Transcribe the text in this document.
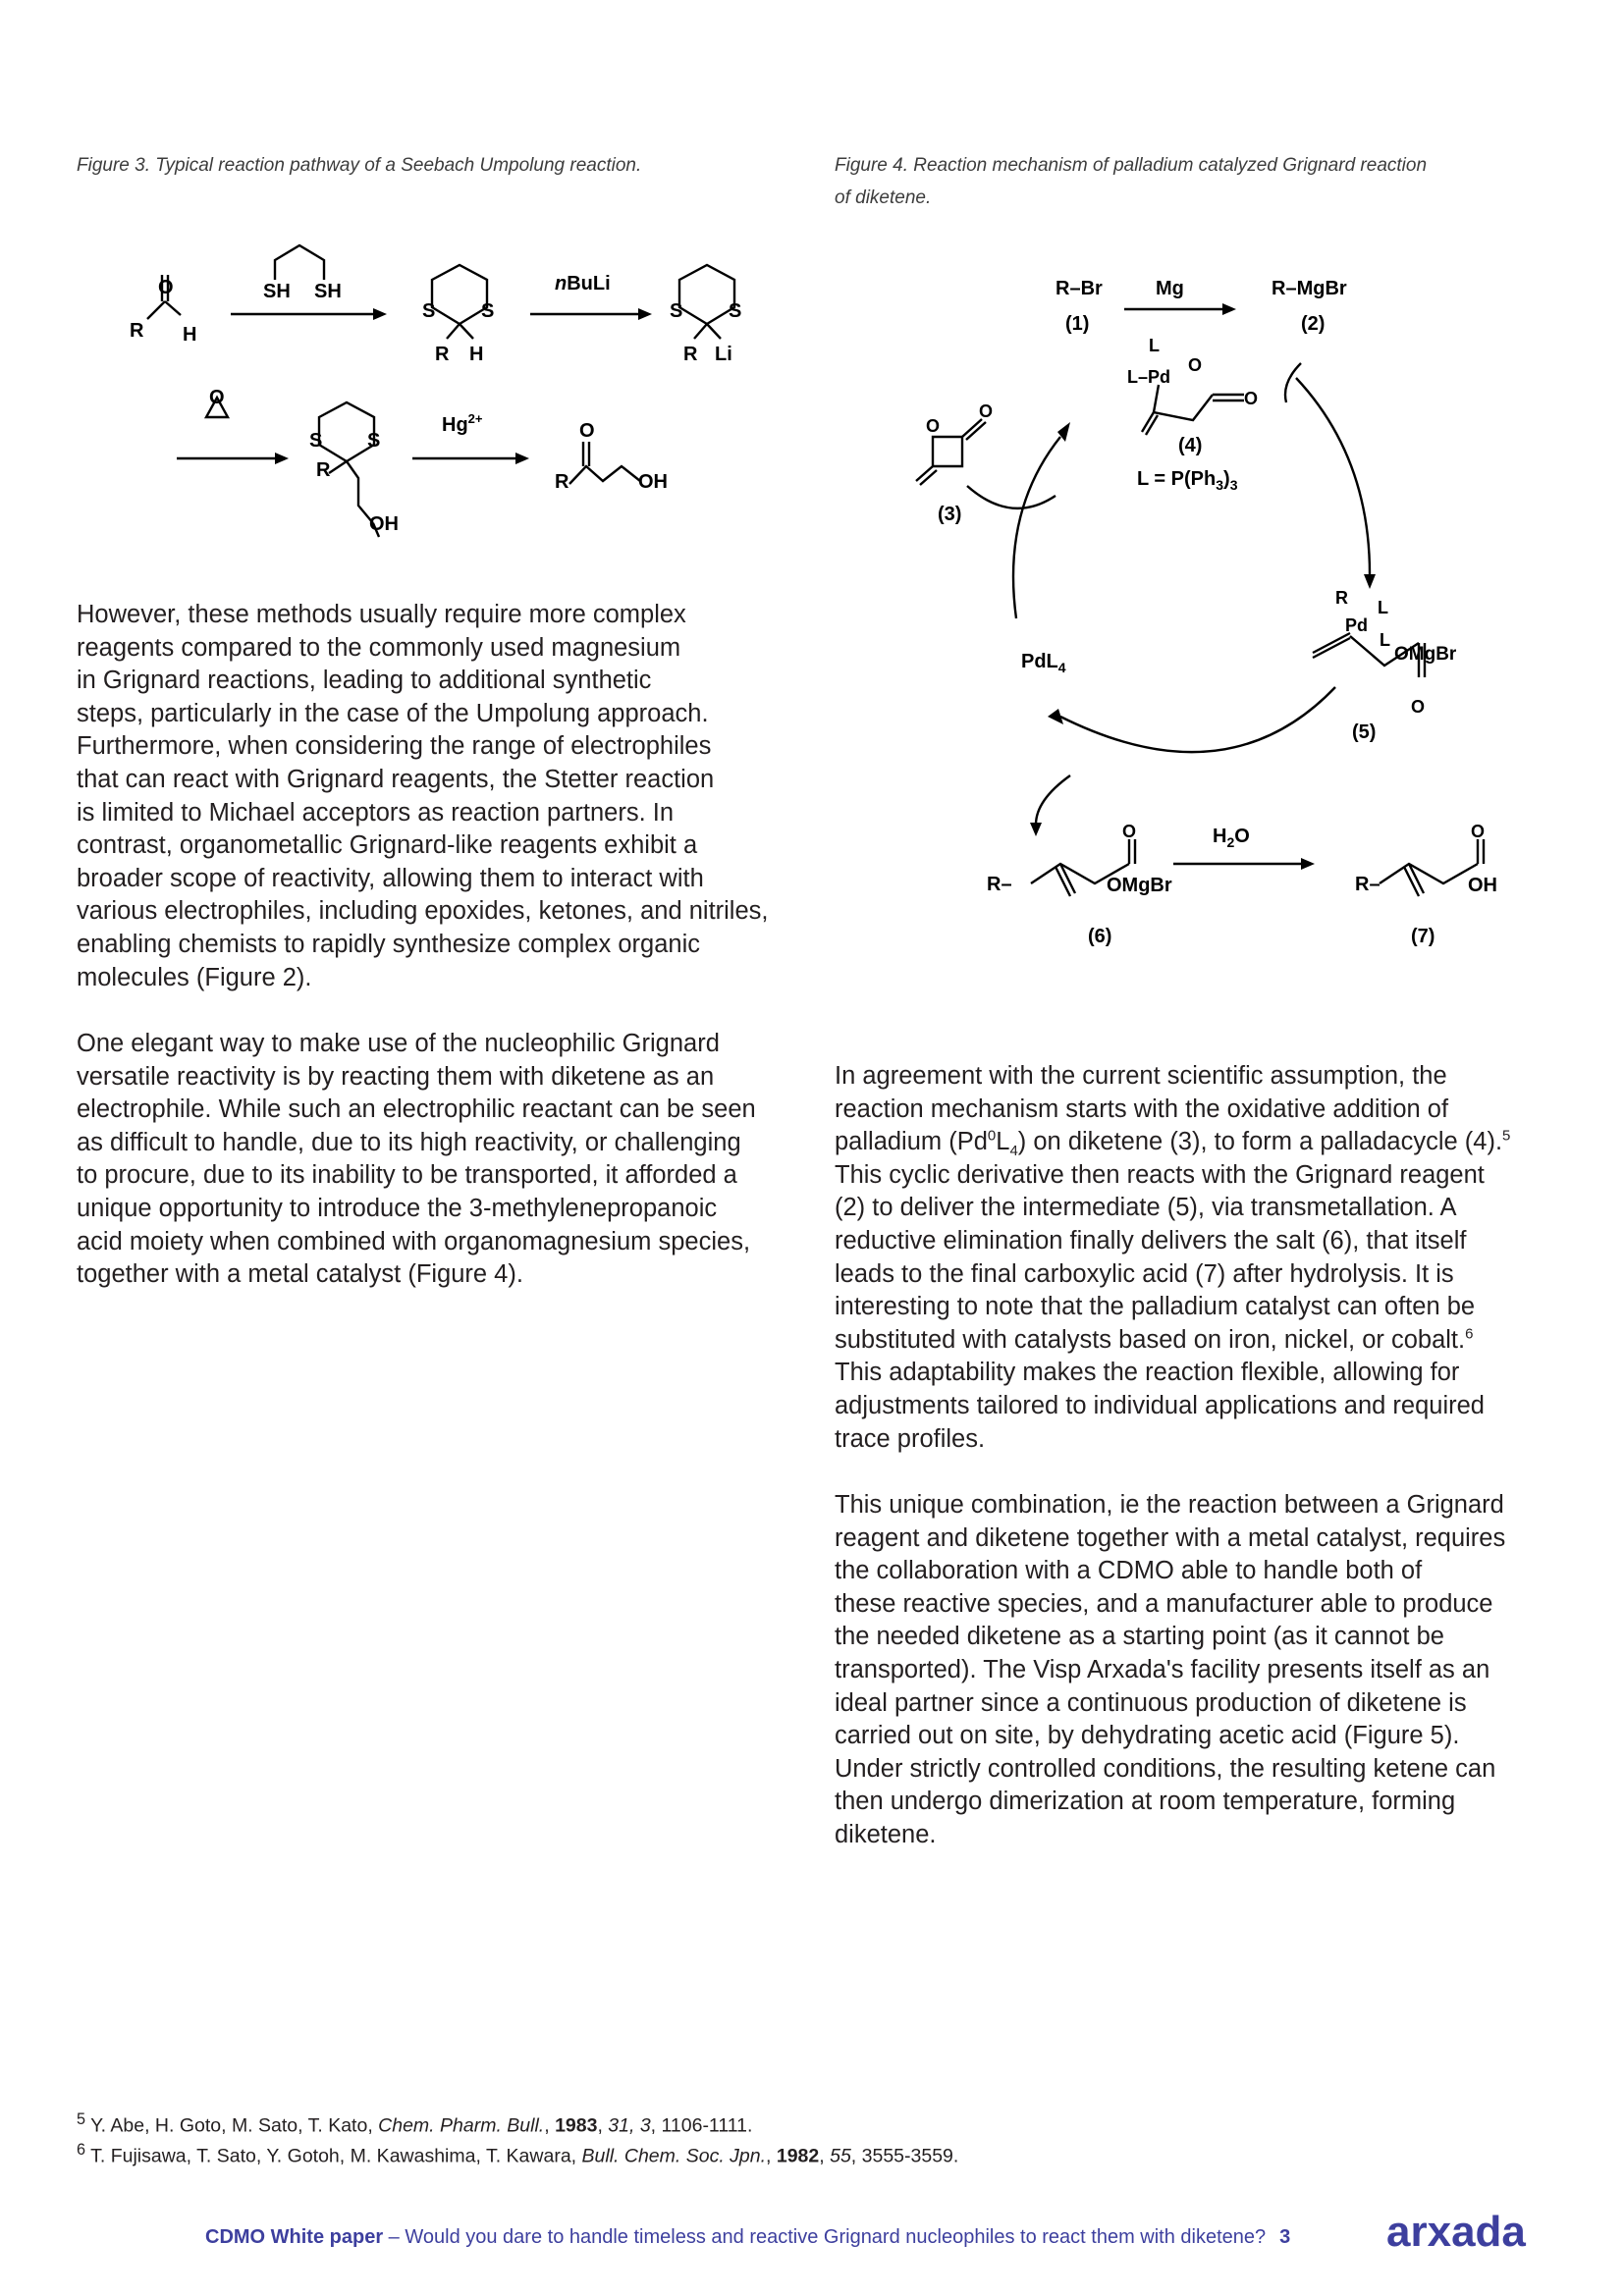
Figure 3. Typical reaction pathway of a Seebach Umpolung reaction.
O
R H
SH SH
S S
R H
nBuLi
S S
R Li
O
S S
R
OH
$Hg^{2+}$
O
R	OH
Figure 4. Reaction mechanism of palladium catalyzed Grignard reaction
of diketene.
R–Br
(1)
Mg	R–MgBr
(2)
L
L–Pd
O
O
(4)
$L = P(Ph_3)_3$
O
O
(3)
PdL$_4$
R
Pd
L
L
OMgBr
O
(5)
R–
O
OMgBr
(6)
$H_2O$
R–
O
OH
(7)
However, these methods usually require more complex
reagents compared to the commonly used magnesium
in Grignard reactions, leading to additional synthetic
steps, particularly in the case of the Umpolung approach.
Furthermore, when considering the range of electrophiles
that can react with Grignard reagents, the Stetter reaction
is limited to Michael acceptors as reaction partners. In
contrast, organometallic Grignard-like reagents exhibit a
broader scope of reactivity, allowing them to interact with
various electrophiles, including epoxides, ketones, and nitriles,
enabling chemists to rapidly synthesize complex organic
molecules (Figure 2).
One elegant way to make use of the nucleophilic Grignard
versatile reactivity is by reacting them with diketene as an
electrophile. While such an electrophilic reactant can be seen
as difficult to handle, due to its high reactivity, or challenging
to procure, due to its inability to be transported, it afforded a
unique opportunity to introduce the 3-methylenepropanoic
acid moiety when combined with organomagnesium species,
together with a metal catalyst (Figure 4).
In agreement with the current scientific assumption, the
reaction mechanism starts with the oxidative addition of
palladium $(Pd^0L_4)$ on diketene (3), to form a palladacycle (4).$^5$
This cyclic derivative then reacts with the Grignard reagent
(2) to deliver the intermediate (5), via transmetallation. A
reductive elimination finally delivers the salt (6), that itself
leads to the final carboxylic acid (7) after hydrolysis. It is
interesting to note that the palladium catalyst can often be
substituted with catalysts based on iron, nickel, or cobalt.$^6$
This adaptability makes the reaction flexible, allowing for
adjustments tailored to individual applications and required
trace profiles.
This unique combination, ie the reaction between a Grignard
reagent and diketene together with a metal catalyst, requires
the collaboration with a CDMO able to handle both of
these reactive species, and a manufacturer able to produce
the needed diketene as a starting point (as it cannot be
transported). The Visp Arxada's facility presents itself as an
ideal partner since a continuous production of diketene is
carried out on site, by dehydrating acetic acid (Figure 5).
Under strictly controlled conditions, the resulting ketene can
then undergo dimerization at room temperature, forming
diketene.
$^5$ Y. Abe, H. Goto, M. Sato, T. Kato, Chem. Pharm. Bull., 1983, 31, 3, 1106-1111.
$^6$ T. Fujisawa, T. Sato, Y. Gotoh, M. Kawashima, T. Kawara, Bull. Chem. Soc. Jpn., 1982, 55, 3555-3559.
CDMO White paper – Would you dare to handle timeless and reactive Grignard nucleophiles to react them with diketene? 3 arxada
